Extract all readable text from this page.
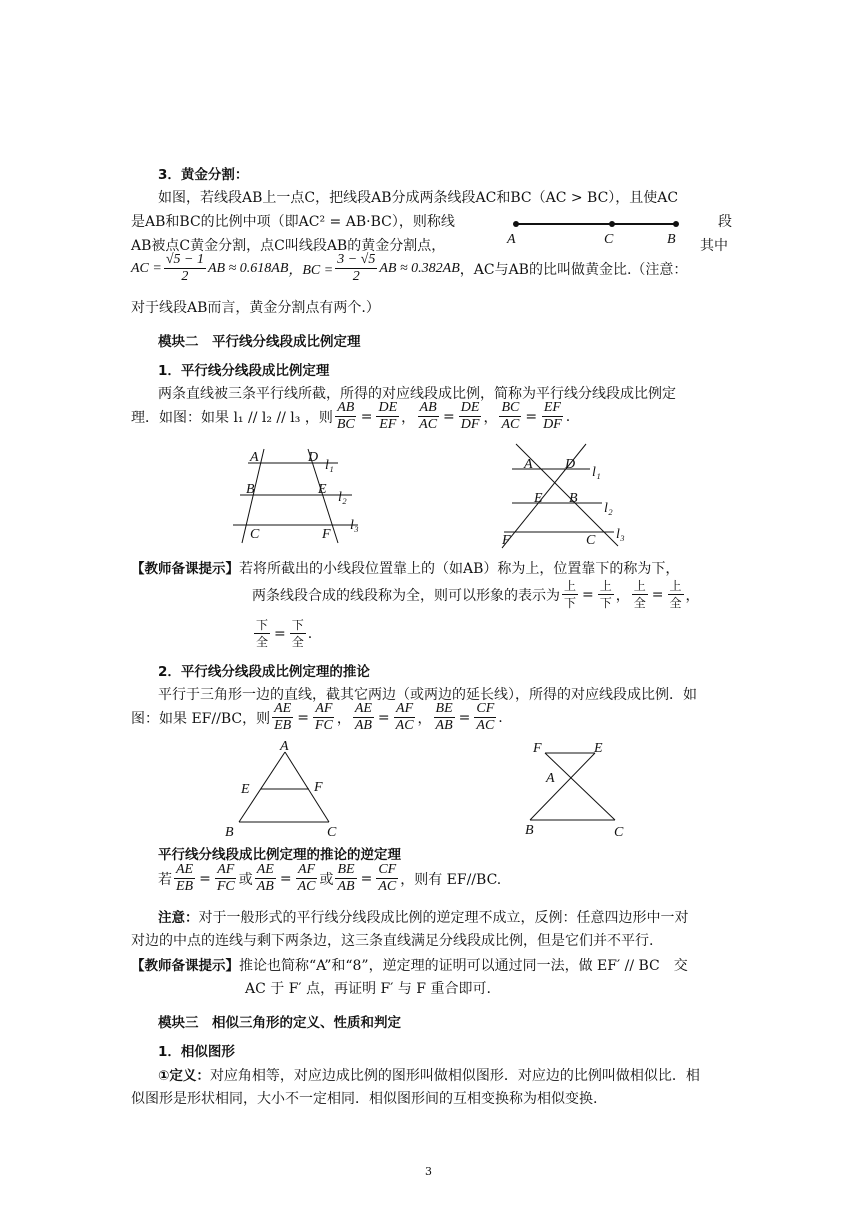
3．黄金分割：
如图，若线段AB上一点C，把线段AB分成两条线段AC和BC（AC > BC），且使AC
是AB和BC的比例中项（即AC² = AB·BC），则称线	段
AB被点C黄金分割，点C叫线段AB的黄金分割点，	其中
A	C	B
AC = $\frac{√5 - 1}{2}$ AB ≈ 0.618AB ，BC = $\frac{3 - √5}{2}$ AB ≈ 0.382AB ，AC与AB的比叫做黄金比.（注意：
对于线段AB而言，黄金分割点有两个.）
模块二　平行线分线段成比例定理
1．平行线分线段成比例定理
两条直线被三条平行线所截，所得的对应线段成比例，简称为平行线分线段成比例定
理．如图：如果 l₁ // l₂ // l₃ ，则 $\frac{AB}{BC} = \frac{DE}{EF}$ ， $\frac{AB}{AC} = \frac{DE}{DF}$ ， $\frac{BC}{AC} = \frac{EF}{DF}$ .
A	D
B	E
C	F
l₁
l₂
l₃
A D
E B
F	C
l₁
l₂
l₃
【教师备课提示】若将所截出的小线段位置靠上的（如AB）称为上，位置靠下的称为下，
两条线段合成的线段称为全，则可以形象的表示为
上
下
=
上
下 ，
上
全
=
上
全 ，
下
全
=
下
全
.
2．平行线分线段成比例定理的推论
平行于三角形一边的直线，截其它两边（或两边的延长线），所得的对应线段成比例．如
图：如果 EF//BC，则 $\frac{AE}{EB} = \frac{AF}{FC}$ ， $\frac{AE}{AB} = \frac{AF}{AC}$ ， $\frac{BE}{AB} = \frac{CF}{AC}$ .
A
E	F
B	C
F	E
A
B	C
平行线分线段成比例定理的推论的逆定理
若 $\frac{AE}{EB} = \frac{AF}{FC}$ 或 $\frac{AE}{AB} = \frac{AF}{AC}$ 或 $\frac{BE}{AB} = \frac{CF}{AC}$ ，则有 EF//BC.
注意：对于一般形式的平行线分线段成比例的逆定理不成立，反例：任意四边形中一对
对边的中点的连线与剩下两条边，这三条直线满足分线段成比例，但是它们并不平行.
【教师备课提示】推论也简称“A”和“8”，逆定理的证明可以通过同一法，做 EF′ // BC　交
AC 于 F′ 点，再证明 F′ 与 F 重合即可.
模块三　相似三角形的定义、性质和判定
1．相似图形
①定义：对应角相等，对应边成比例的图形叫做相似图形．对应边的比例叫做相似比．相
似图形是形状相同，大小不一定相同．相似图形间的互相变换称为相似变换.
3
